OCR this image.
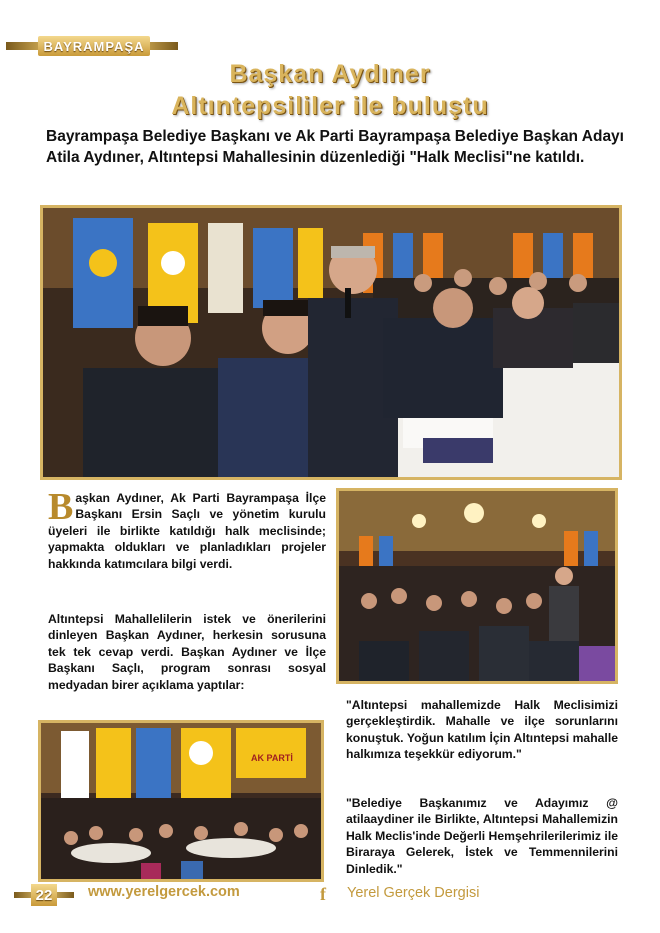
BAYRAMPAŞA
Başkan Aydıner
Altıntepsililer ile buluştu
Bayrampaşa Belediye Başkanı ve Ak Parti Bayrampaşa Belediye Başkan Adayı Atila Aydıner, Altıntepsi Mahallesinin düzenlediği "Halk Meclisi"ne katıldı.

Başkan Aydıner, Ak Parti Bayrampaşa İlçe Başkanı Ersin Saçlı ve yönetim kurulu üyeleri ile birlikte katıldığı halk meclisinde; yapmakta oldukları ve planladıkları projeler hakkında katımcılara bilgi verdi.

Altıntepsi Mahallelilerin istek ve önerilerini dinleyen Başkan Aydıner, herkesin sorusuna tek tek cevap verdi. Başkan Aydıner ve İlçe Başkanı Saçlı, program sonrası sosyal medyadan birer açıklama yaptılar:

"Altıntepsi mahallemizde Halk Meclisimizi gerçekleştirdik. Mahalle ve ilçe sorunlarını konuştuk. Yoğun katılım İçin Altıntepsi mahalle halkımıza teşekkür ediyorum."

"Belediye Başkanımız ve Adayımız @ atilaaydiner ile Birlikte, Altıntepsi Mahallemizin Halk Meclis'inde Değerli Hemşehrilerilerimiz ile Biraraya Gelerek, İstek ve Temmennilerini Dinledik."

AK PARTİ
22	www.yerelgercek.com	f Yerel Gerçek Dergisi
